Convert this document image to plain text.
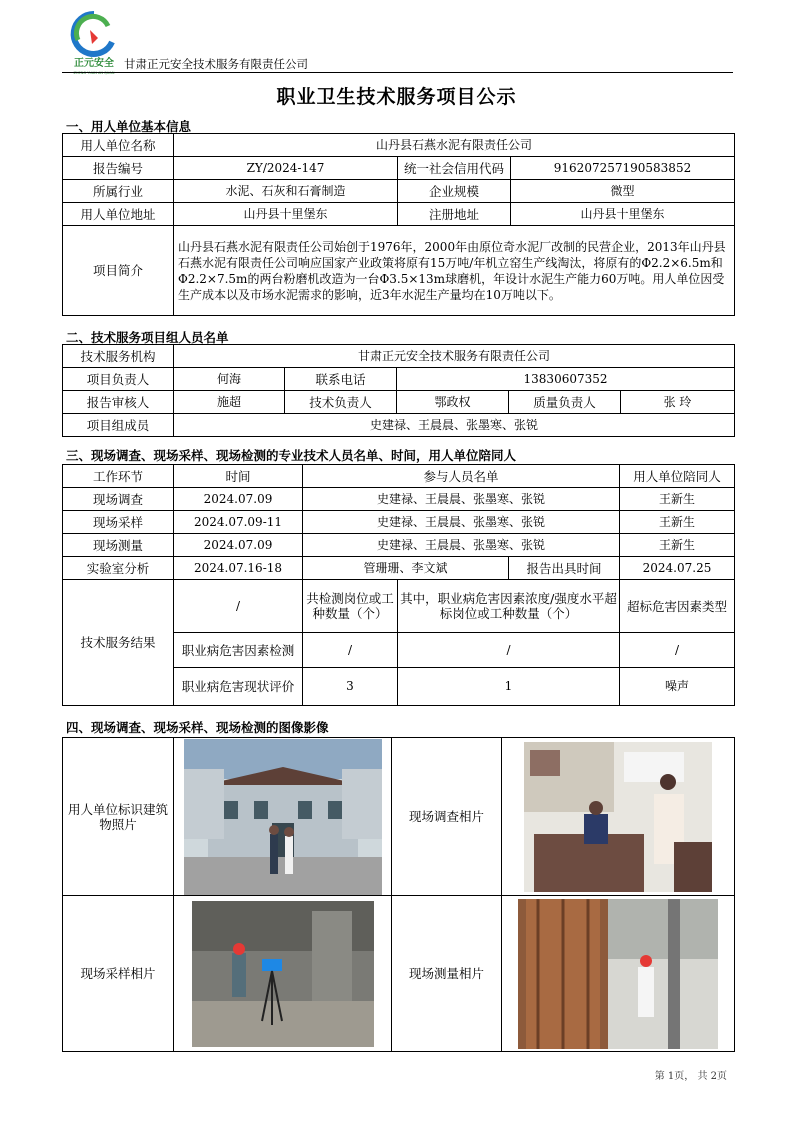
正元安全
ZHENG YUAN AN QUAN
甘肃正元安全技术服务有限责任公司
职业卫生技术服务项目公示
一、用人单位基本信息
用人单位名称	山丹县石燕水泥有限责任公司		
报告编号	ZY/2024-147	统一社会信用代码	916207257190583852
所属行业	水泥、石灰和石膏制造	企业规模	微型
用人单位地址	山丹县十里堡东	注册地址	山丹县十里堡东
项目简介	山丹县石燕水泥有限责任公司始创于1976年，2000年由原位奇水泥厂改制的民营企业，2013年山丹县石燕水泥有限责任公司响应国家产业政策将原有15万吨/年机立窑生产线淘汰，将原有的Φ2.2×6.5m和Φ2.2×7.5m的两台粉磨机改造为一台Φ3.5×13m球磨机，年设计水泥生产能力60万吨。用人单位因受生产成本以及市场水泥需求的影响，近3年水泥生产量均在10万吨以下。		
二、技术服务项目组人员名单
技术服务机构	甘肃正元安全技术服务有限责任公司				
项目负责人	何海	联系电话	13830607352		
报告审核人	施超	技术负责人	鄂政权	质量负责人	张 玲
项目组成员	史建禄、王晨晨、张墨寒、张锐				
三、现场调查、现场采样、现场检测的专业技术人员名单、时间，用人单位陪同人
工作环节	时间	参与人员名单			用人单位陪同人
现场调查	2024.07.09	史建禄、王晨晨、张墨寒、张锐			王新生
现场采样	2024.07.09-11	史建禄、王晨晨、张墨寒、张锐			王新生
现场测量	2024.07.09	史建禄、王晨晨、张墨寒、张锐			王新生
实验室分析	2024.07.16-18	管珊珊、李文斌		报告出具时间	2024.07.25
技术服务结果	/	共检测岗位或工种数量（个）	其中，职业病危害因素浓度/强度水平超标岗位或工种数量（个）		超标危害因素类型
	职业病危害因素检测	/	/		/
	职业病危害现状评价	3	1		噪声
四、现场调查、现场采样、现场检测的图像影像
用人单位标识建筑物照片		现场调查相片	

现场采样相片		现场测量相片	
第 1页， 共 2页
